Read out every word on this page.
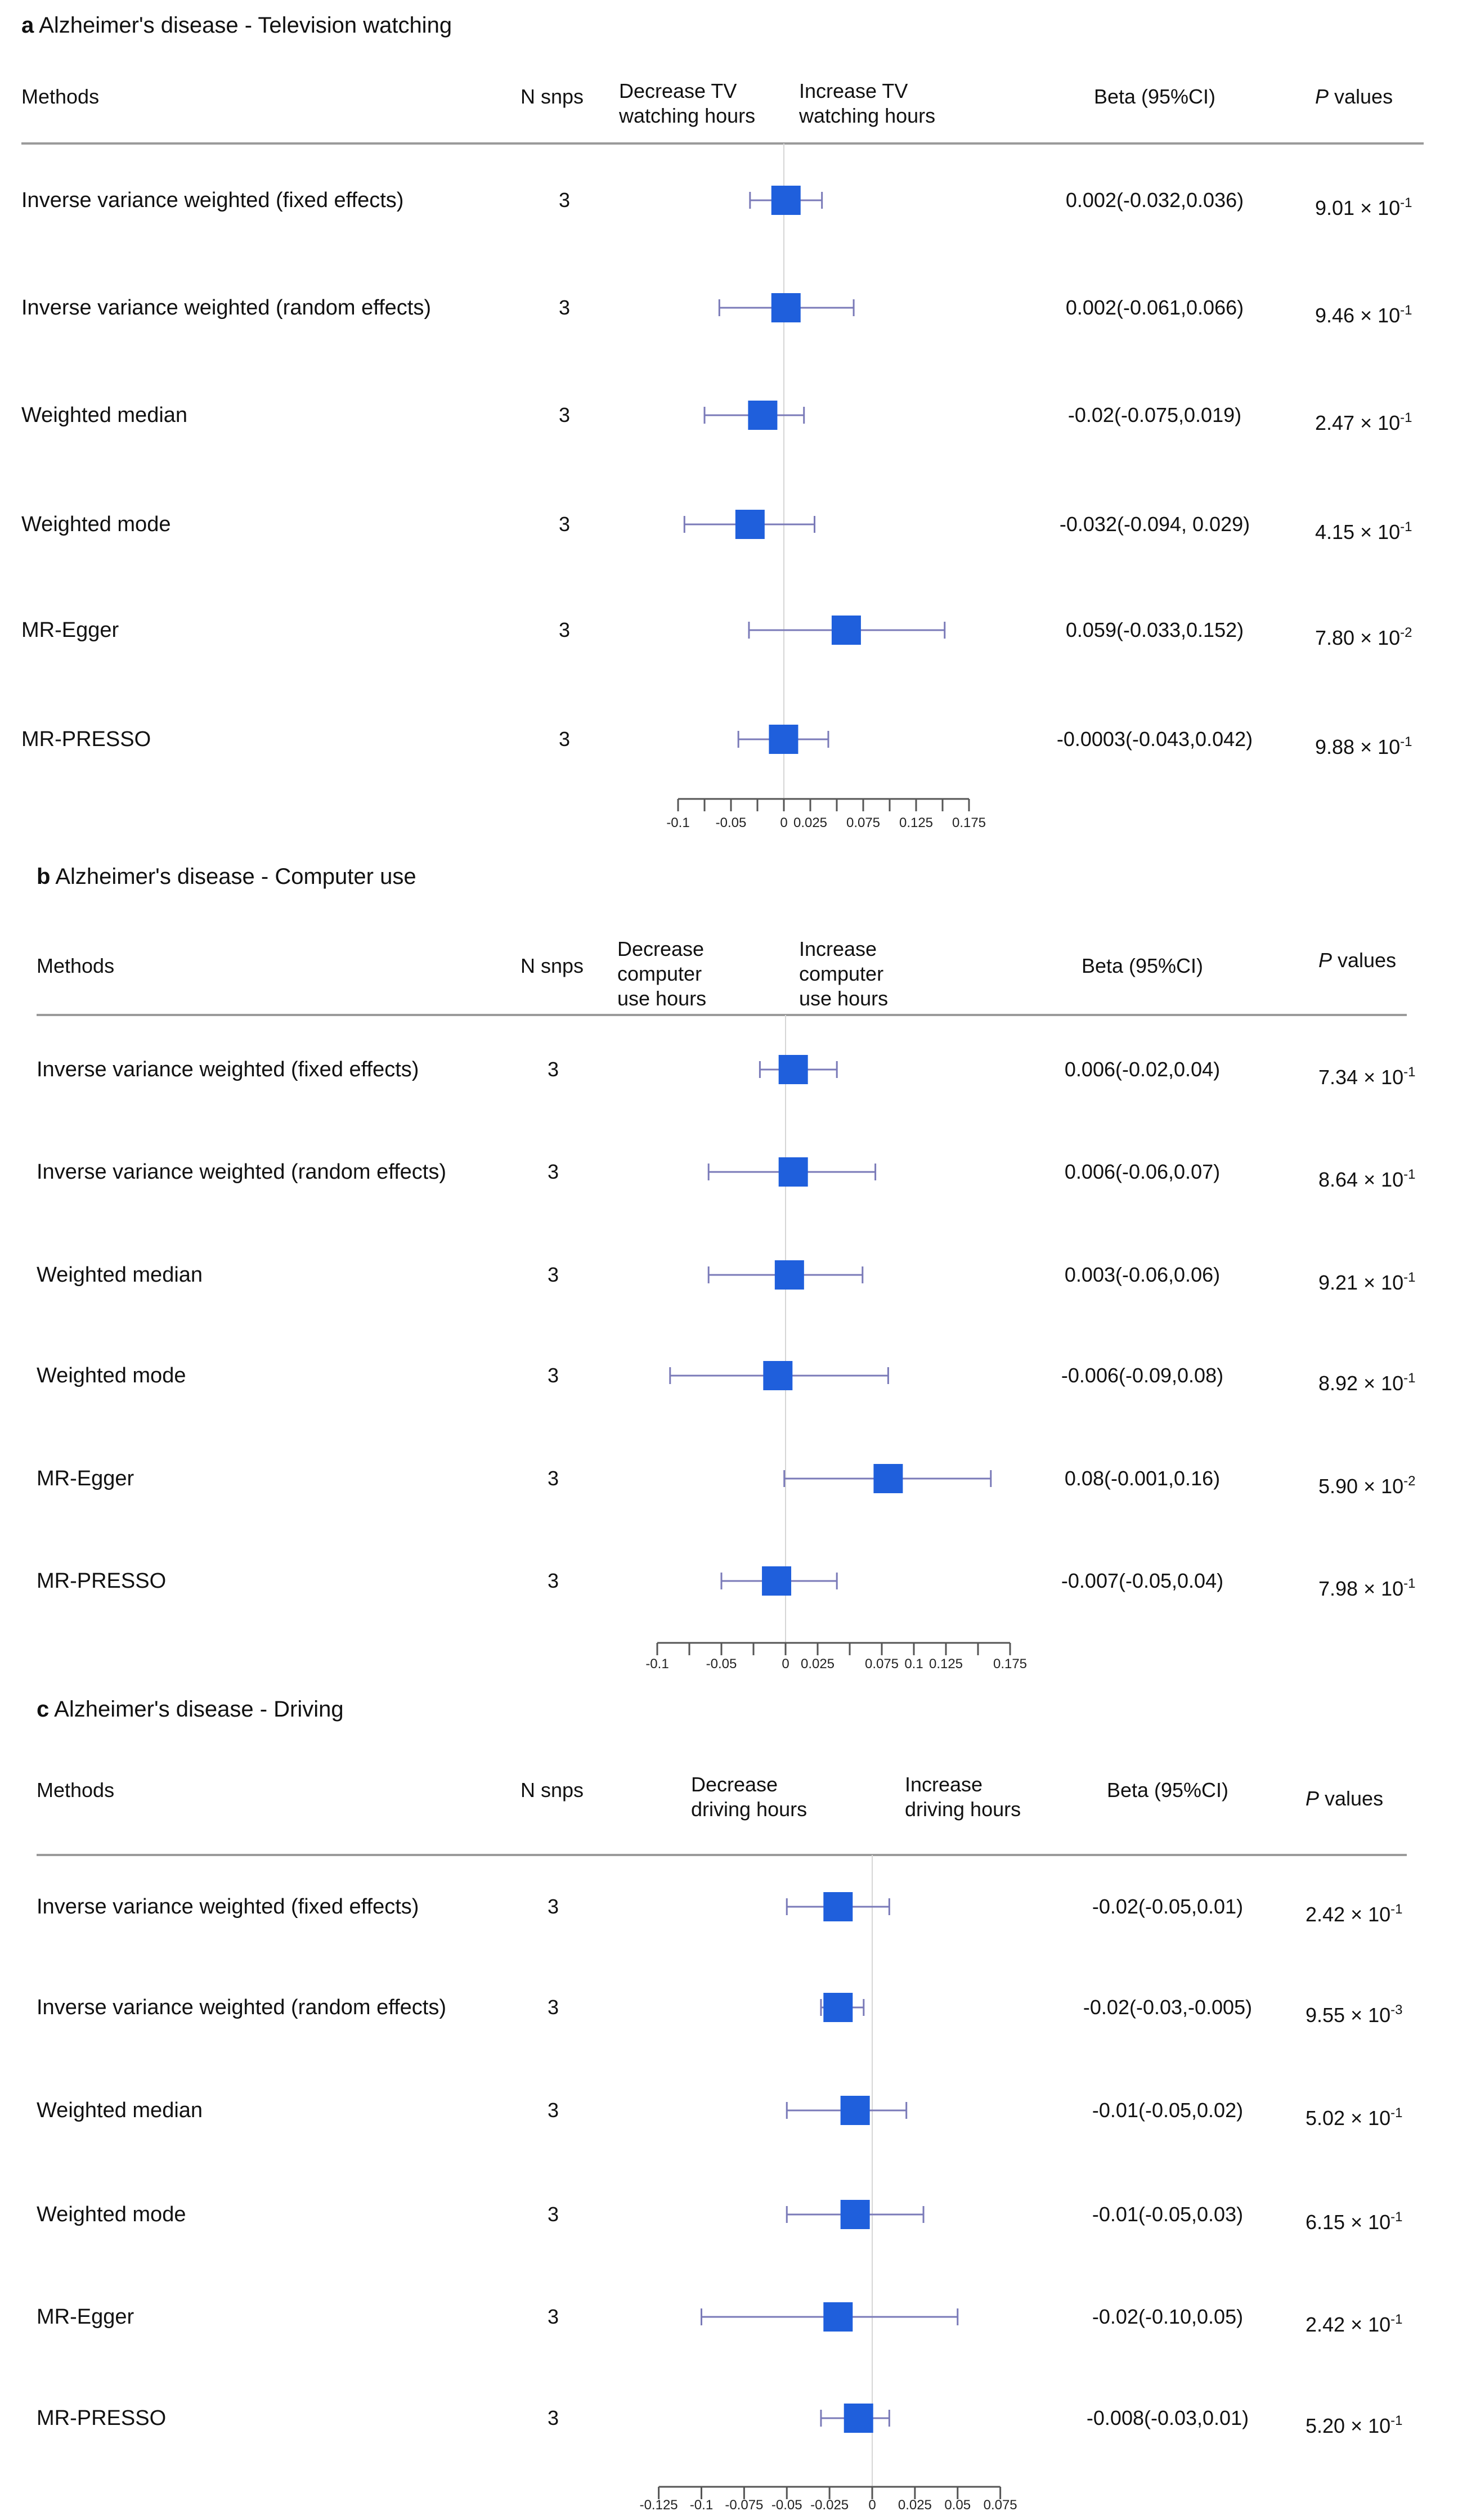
-0.1 -0.05 0 0.025 0.075 0.125 0.175
-0.1	-0.05	0 0.025 0.075 0.1 0.125 0.175
-0.125 -0.1 -0.075 -0.05 -0.025 0 0.025 0.05 0.075
a Alzheimer's disease - Television watching
Methods	N snps Decrease TV
watching hours
Increase TV
watching hours
Beta (95%CI)	P values
Inverse variance weighted (fixed effects)	3	0.002(-0.032,0.036)	$9.01 \times 10^{-1}$
Inverse variance weighted (random effects)	3	0.002(-0.061,0.066)	$9.46 \times 10^{-1}$
Weighted median	3	-0.02(-0.075,0.019)	$2.47 \times 10^{-1}$
Weighted mode	3	-0.032(-0.094, 0.029)	$4.15 \times 10^{-1}$
MR-Egger	3	0.059(-0.033,0.152)	$7.80 \times 10^{-2}$
MR-PRESSO	3	-0.0003(-0.043,0.042)	$9.88 \times 10^{-1}$
b Alzheimer's disease - Computer use
Methods	N snps
Decrease
computer
use hours
Increase
computer
use hours
Beta (95%CI)	P values
Inverse variance weighted (fixed effects)	3	0.006(-0.02,0.04)	$7.34 \times 10^{-1}$
Inverse variance weighted (random effects)	3	0.006(-0.06,0.07)	$8.64 \times 10^{-1}$
Weighted median	3	0.003(-0.06,0.06)	$9.21 \times 10^{-1}$
Weighted mode	3	-0.006(-0.09,0.08)	$8.92 \times 10^{-1}$
MR-Egger	3	0.08(-0.001,0.16)	$5.90 \times 10^{-2}$
MR-PRESSO	3	-0.007(-0.05,0.04)	$7.98 \times 10^{-1}$
c Alzheimer's disease - Driving
Methods	N snps	Decrease
driving hours
Increase
driving hours
Beta (95%CI)	P values
Inverse variance weighted (fixed effects)	3	-0.02(-0.05,0.01)	$2.42 \times 10^{-1}$
Inverse variance weighted (random effects)	3	-0.02(-0.03,-0.005)	$9.55 \times 10^{-3}$
Weighted median	3	-0.01(-0.05,0.02)	$5.02 \times 10^{-1}$
Weighted mode	3	-0.01(-0.05,0.03)	$6.15 \times 10^{-1}$
MR-Egger	3	-0.02(-0.10,0.05)	$2.42 \times 10^{-1}$
MR-PRESSO	3	-0.008(-0.03,0.01)	$5.20 \times 10^{-1}$
